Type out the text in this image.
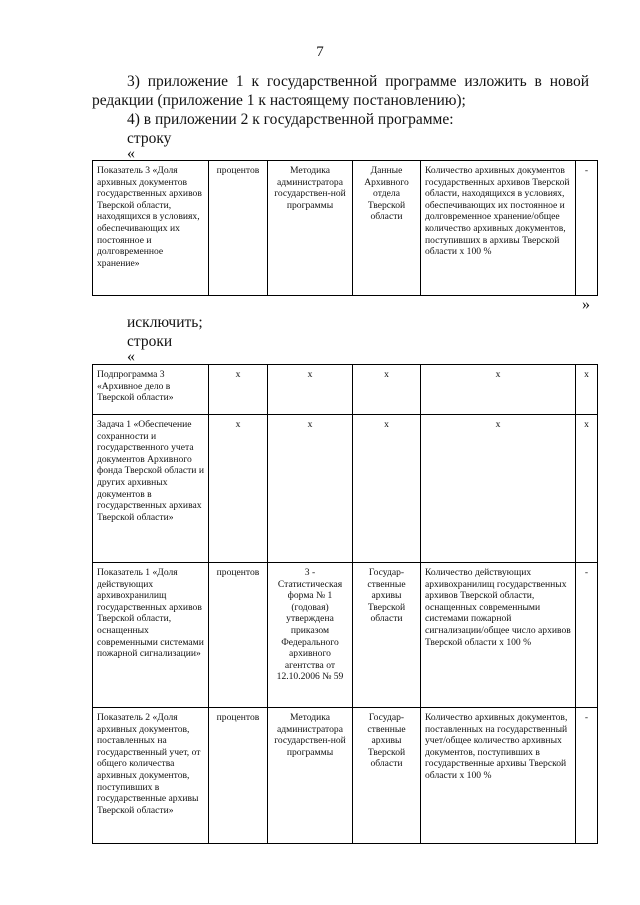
7
3) приложение 1 к государственной программе изложить в новой
редакции (приложение 1 к настоящему постановлению);
4) в приложении 2 к государственной программе:
строку
«
Показатель 3 «Доля архивных документов государственных архивов Тверской области, находящихся в условиях, обеспечивающих их постоянное и долговременное хранение»	процентов	Методика администратора государствен-ной программы	Данные Архивного отдела Тверской области	Количество архивных документов государственных архивов Тверской области, находящихся в условиях, обеспечивающих их постоянное и долговременное хранение/общее количество архивных документов, поступивших в архивы Тверской области х 100 %	-
»
исключить;
строки
«
Подпрограмма 3 «Архивное дело в Тверской области»	х	х	х	х	х
Задача 1 «Обеспечение сохранности и государственного учета документов Архивного фонда Тверской области и других архивных документов в государственных архивах Тверской области»	х	х	х	х	х
Показатель 1 «Доля действующих архивохранилищ государственных архивов Тверской области, оснащенных современными системами пожарной сигнализации»	процентов	3 - Статистическая форма № 1 (годовая) утверждена приказом Федерального архивного агентства от 12.10.2006 № 59	Государ-ственные архивы Тверской области	Количество действующих архивохранилищ государственных архивов Тверской области, оснащенных современными системами пожарной сигнализации/общее число архивов Тверской области х 100 %	-
Показатель 2 «Доля архивных документов, поставленных на государственный учет, от общего количества архивных документов, поступивших в государственные архивы Тверской области»	процентов	Методика администратора государствен-ной программы	Государ-ственные архивы Тверской области	Количество архивных документов, поставленных на государственный учет/общее количество архивных документов, поступивших в государственные архивы Тверской области х 100 %	-
